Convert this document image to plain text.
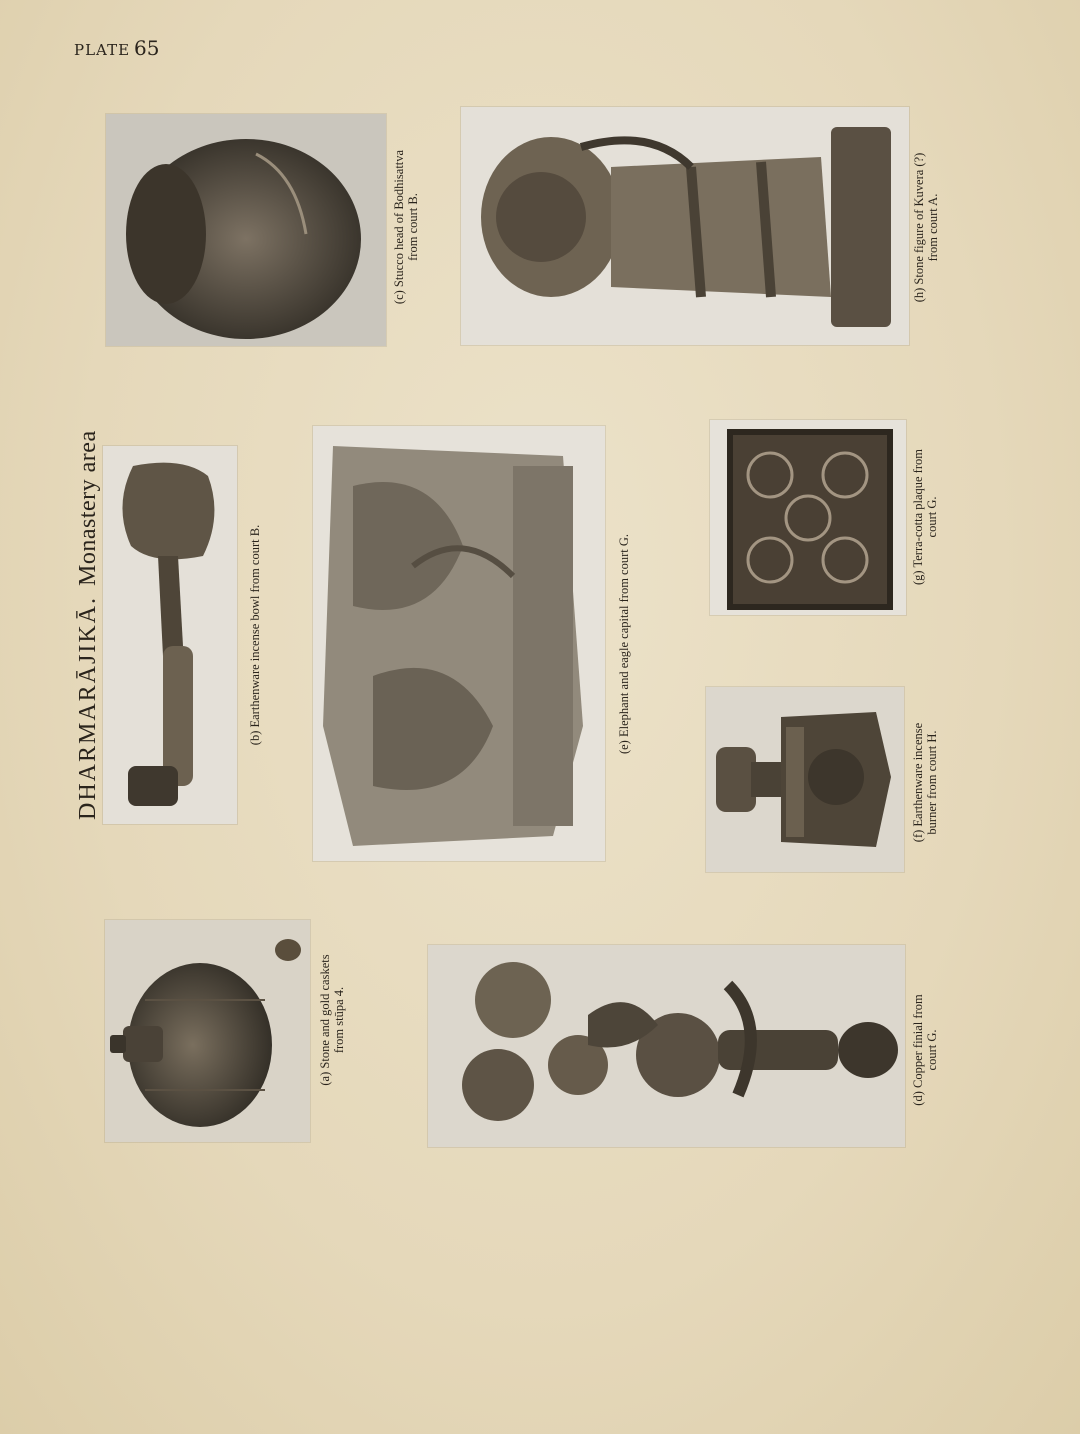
PLATE 65
DHARMARĀJIKĀ.Monastery area
(a) Stone and gold caskets from stūpa 4.
(b) Earthenware incense bowl from court B.
(c) Stucco head of Bodhisattva from court B.
(d) Copper finial from court G.
(e) Elephant and eagle capital from court G.
(f) Earthenware incense burner from court H.
(g) Terra-cotta plaque from court G.
(h) Stone figure of Kuvera (?) from court A.
